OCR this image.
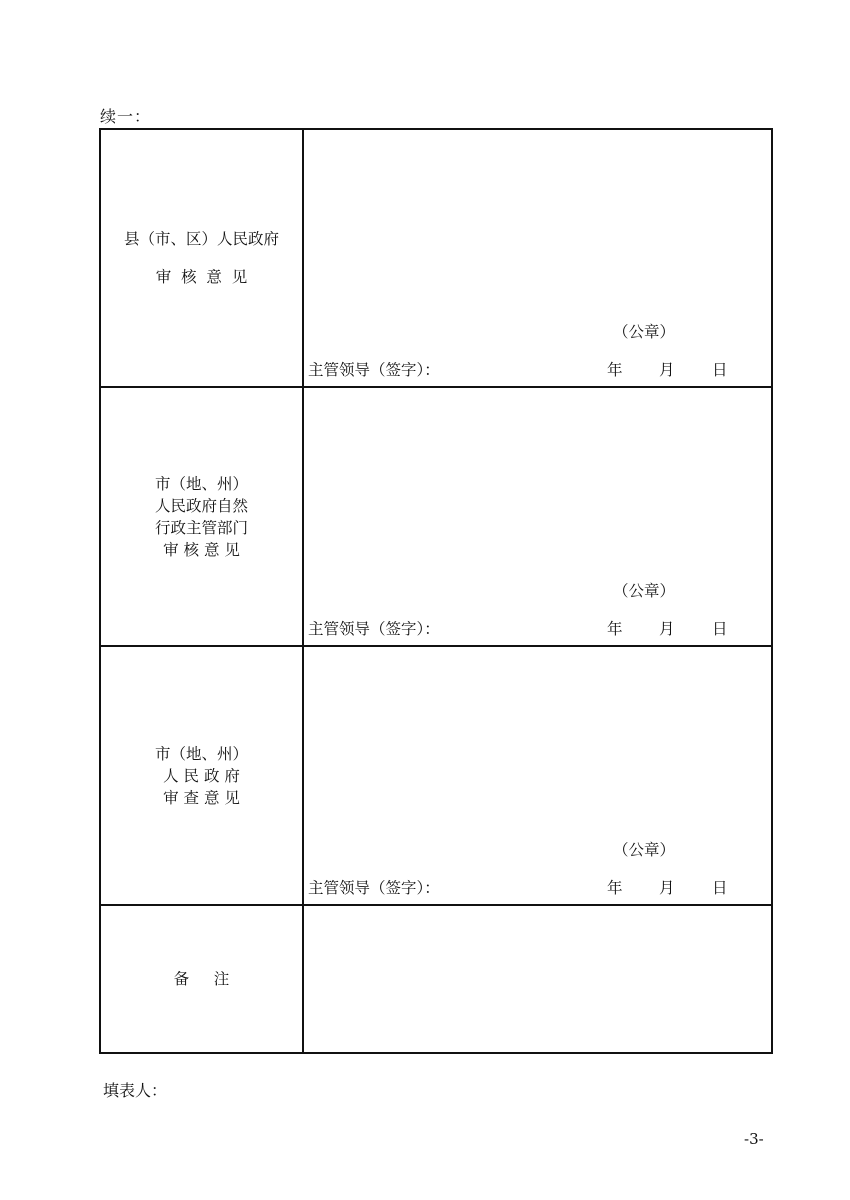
续一：
县（市、区）人民政府
审  核  意  见
（公章）
主管领导（签字）：	年 月 日
市（地、州）
人民政府自然
行政主管部门
审 核 意 见
（公章）
主管领导（签字）：	年 月 日
市（地、州）
人 民 政 府
审 查 意 见
（公章）
主管领导（签字）：	年 月 日
备     注
填表人：
-3-
